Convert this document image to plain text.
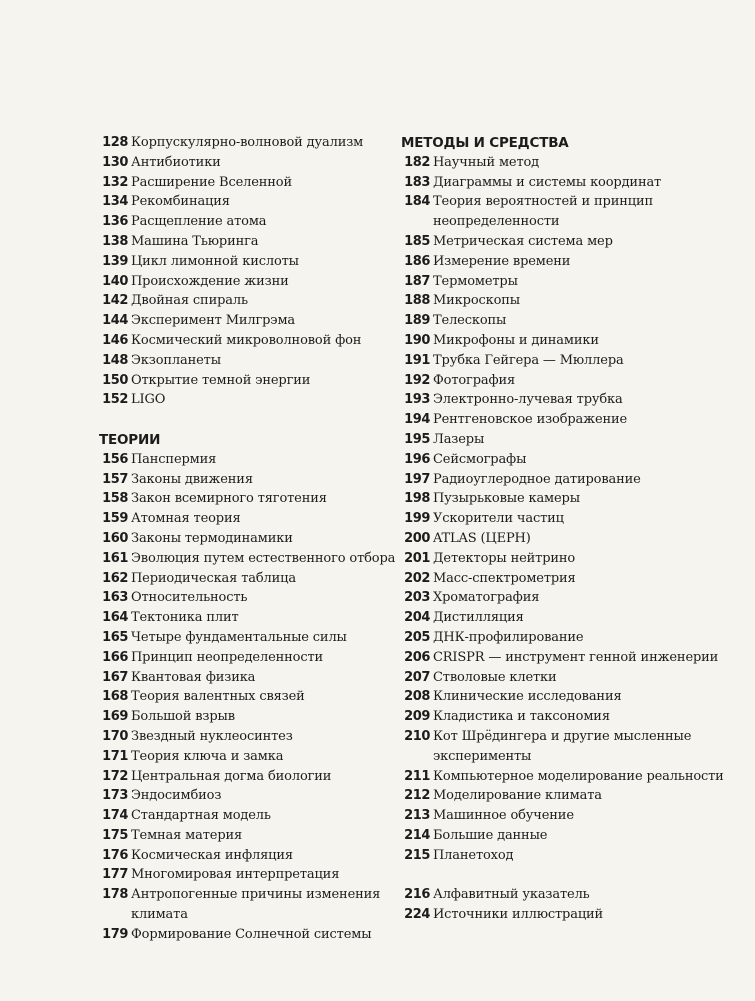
128 Корпускулярно-волновой дуализм
130 Антибиотики
132 Расширение Вселенной
134 Рекомбинация
136 Расщепление атома
138 Машина Тьюринга
139 Цикл лимонной кислоты
140 Происхождение жизни
142 Двойная спираль
144 Эксперимент Милгрэма
146 Космический микроволновой фон
148 Экзопланеты
150 Открытие темной энергии
152 LIGO
ТЕОРИИ
156 Панспермия
157 Законы движения
158 Закон всемирного тяготения
159 Атомная теория
160 Законы термодинамики
161 Эволюция путем естественного отбора
162 Периодическая таблица
163 Относительность
164 Тектоника плит
165 Четыре фундаментальные силы
166 Принцип неопределенности
167 Квантовая физика
168 Теория валентных связей
169 Большой взрыв
170 Звездный нуклеосинтез
171 Теория ключа и замка
172 Центральная догма биологии
173 Эндосимбиоз
174 Стандартная модель
175 Темная материя
176 Космическая инфляция
177 Многомировая интерпретация
178 Антропогенные причины изменения климата
179 Формирование Солнечной системы
МЕТОДЫ И СРЕДСТВА
182 Научный метод
183 Диаграммы и системы координат
184 Теория вероятностей и принцип неопределенности
185 Метрическая система мер
186 Измерение времени
187 Термометры
188 Микроскопы
189 Телескопы
190 Микрофоны и динамики
191 Трубка Гейгера — Мюллера
192 Фотография
193 Электронно-лучевая трубка
194 Рентгеновское изображение
195 Лазеры
196 Сейсмографы
197 Радиоуглеродное датирование
198 Пузырьковые камеры
199 Ускорители частиц
200 ATLAS (ЦЕРН)
201 Детекторы нейтрино
202 Масс-спектрометрия
203 Хроматография
204 Дистилляция
205 ДНК-профилирование
206 CRISPR — инструмент генной инженерии
207 Стволовые клетки
208 Клинические исследования
209 Кладистика и таксономия
210 Кот Шрёдингера и другие мысленные эксперименты
211 Компьютерное моделирование реальности
212 Моделирование климата
213 Машинное обучение
214 Большие данные
215 Планетоход
216 Алфавитный указатель
224 Источники иллюстраций
